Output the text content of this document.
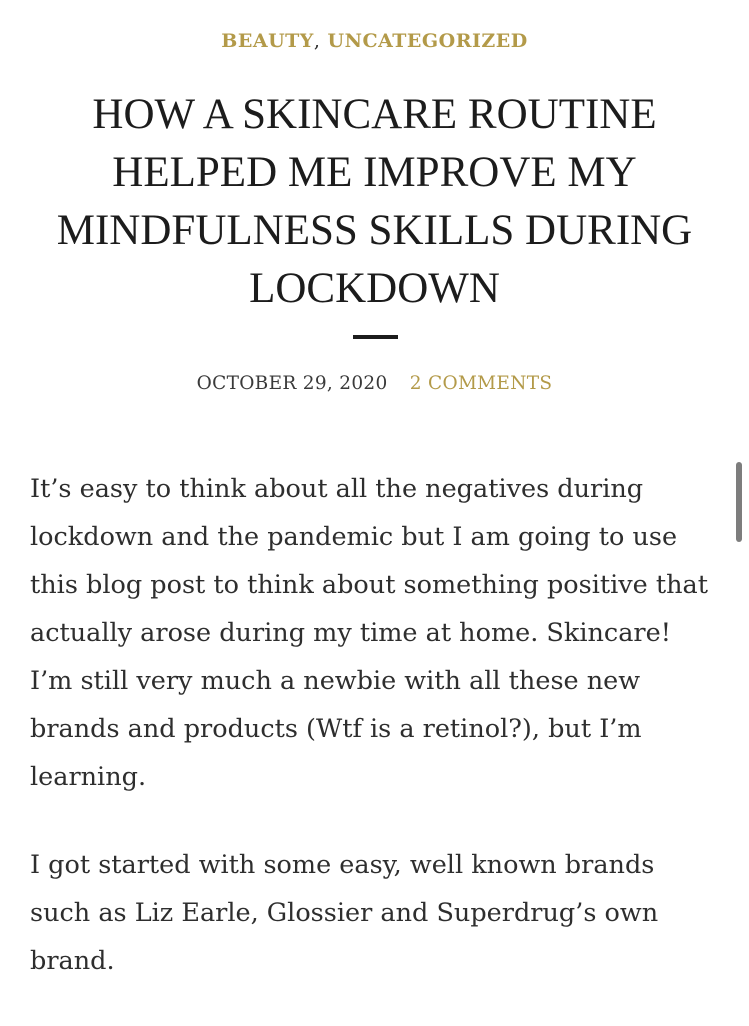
BEAUTY, UNCATEGORIZED
HOW A SKINCARE ROUTINE HELPED ME IMPROVE MY MINDFULNESS SKILLS DURING LOCKDOWN
OCTOBER 29, 2020 2 COMMENTS

It’s easy to think about all the negatives during lockdown and the pandemic but I am going to use this blog post to think about something positive that actually arose during my time at home. Skincare! I’m still very much a newbie with all these new brands and products (Wtf is a retinol?), but I’m learning.

I got started with some easy, well known brands such as Liz Earle, Glossier and Superdrug’s own brand.
